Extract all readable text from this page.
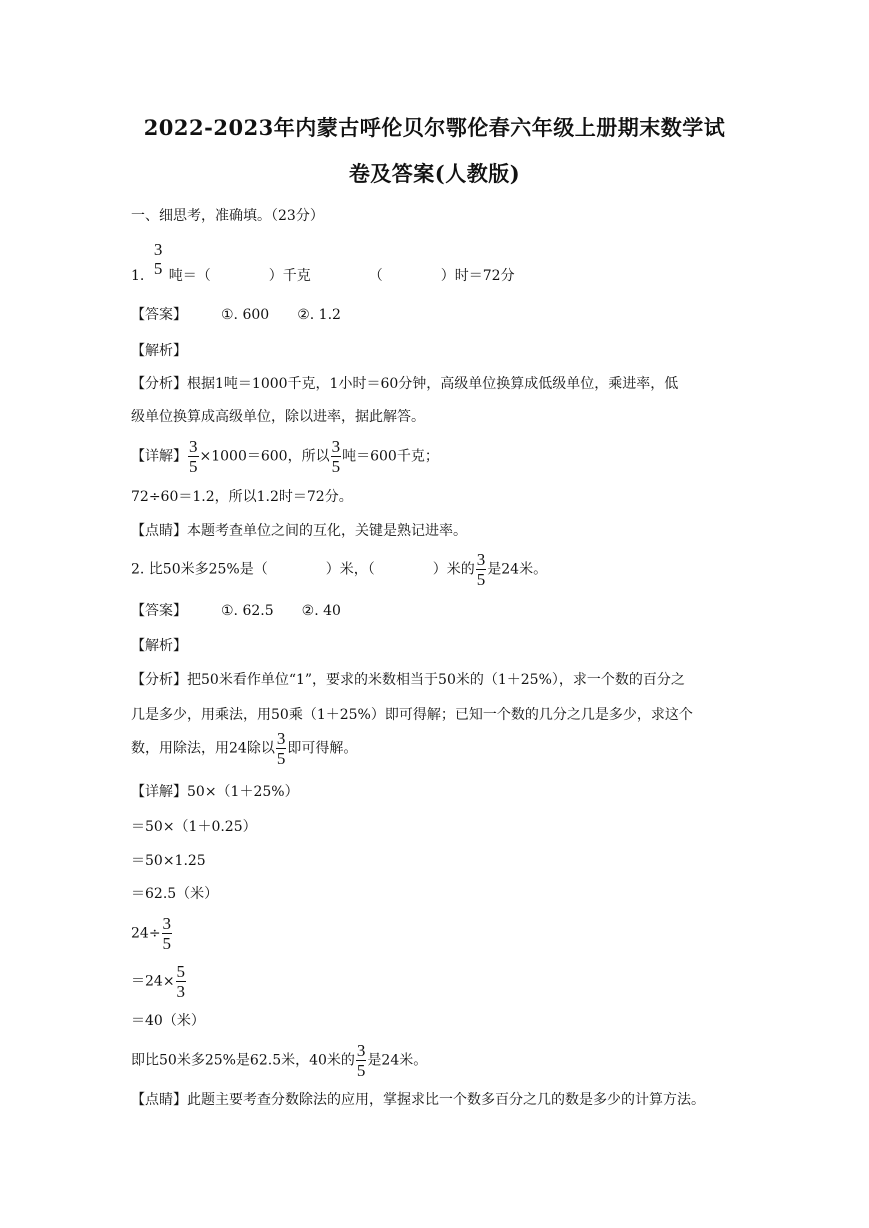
2022-2023年内蒙古呼伦贝尔鄂伦春六年级上册期末数学试
卷及答案(人教版)
一、细思考，准确填。（23分）
1.
3
5 吨＝（	）千克	（	）时＝72分
【答案】 ①. 600 ②. 1.2
【解析】
【分析】根据1吨＝1000千克，1小时＝60分钟，高级单位换算成低级单位，乘进率，低
级单位换算成高级单位，除以进率，据此解答。
【详解】 $\frac{3}{5} \times 1000=600$，所以 $\frac{3}{5}$ 吨＝600千克；
72÷60＝1.2，所以1.2时＝72分。
【点睛】本题考查单位之间的互化，关键是熟记进率。
2. 比50米多25%是（	）米，（	）米的 $\frac{3}{5}$ 是24米。
【答案】 ①. 62.5 ②. 40
【解析】
【分析】把50米看作单位“1”，要求的米数相当于50米的（1＋25%），求一个数的百分之
几是多少，用乘法，用50乘（1＋25%）即可得解；已知一个数的几分之几是多少，求这个
数，用除法，用24除以 $\frac{3}{5}$ 即可得解。
【详解】50×（1＋25%）
＝50×（1＋0.25）
＝50×1.25
＝62.5（米）
$24\div \frac{3}{5}$
$=24\times \frac{5}{3}$
＝40（米）
即比50米多25%是62.5米，40米的 $\frac{3}{5}$ 是24米。
【点睛】此题主要考查分数除法的应用，掌握求比一个数多百分之几的数是多少的计算方法。
